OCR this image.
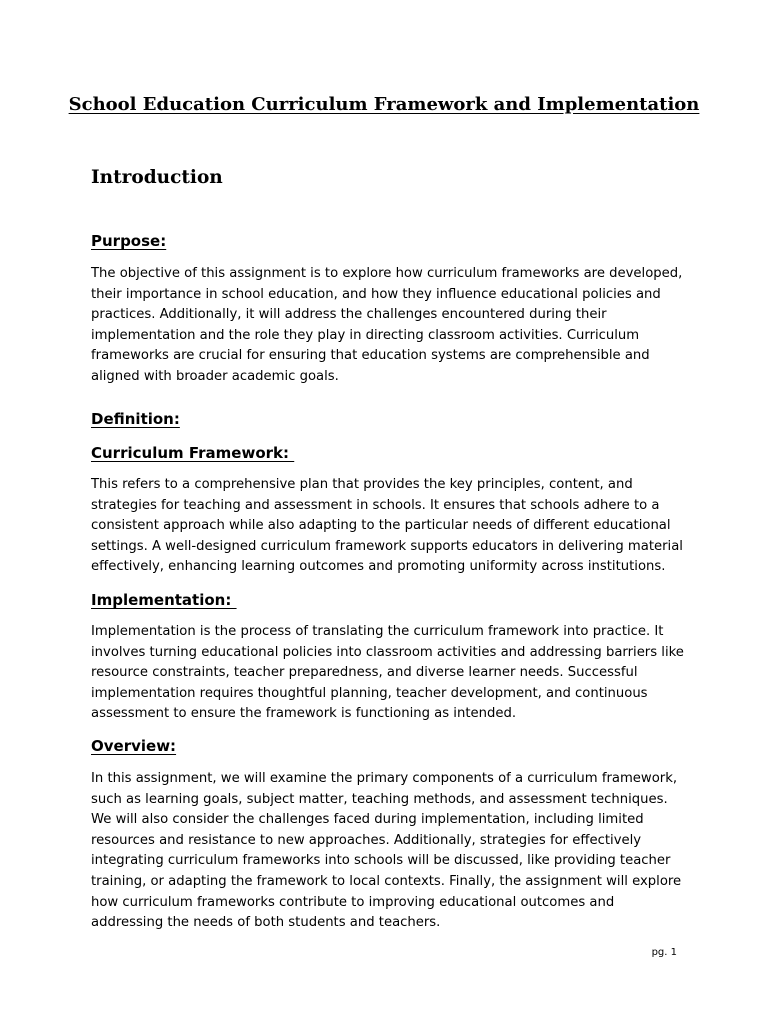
School Education Curriculum Framework and Implementation
Introduction
Purpose:
The objective of this assignment is to explore how curriculum frameworks are developed, their importance in school education, and how they influence educational policies and practices. Additionally, it will address the challenges encountered during their implementation and the role they play in directing classroom activities. Curriculum frameworks are crucial for ensuring that education systems are comprehensible and aligned with broader academic goals.
Definition:
Curriculum Framework:
This refers to a comprehensive plan that provides the key principles, content, and strategies for teaching and assessment in schools. It ensures that schools adhere to a consistent approach while also adapting to the particular needs of different educational settings. A well-designed curriculum framework supports educators in delivering material effectively, enhancing learning outcomes and promoting uniformity across institutions.
Implementation:
Implementation is the process of translating the curriculum framework into practice. It involves turning educational policies into classroom activities and addressing barriers like resource constraints, teacher preparedness, and diverse learner needs. Successful implementation requires thoughtful planning, teacher development, and continuous assessment to ensure the framework is functioning as intended.
Overview:
In this assignment, we will examine the primary components of a curriculum framework, such as learning goals, subject matter, teaching methods, and assessment techniques. We will also consider the challenges faced during implementation, including limited resources and resistance to new approaches. Additionally, strategies for effectively integrating curriculum frameworks into schools will be discussed, like providing teacher training, or adapting the framework to local contexts. Finally, the assignment will explore how curriculum frameworks contribute to improving educational outcomes and addressing the needs of both students and teachers.
pg. 1
